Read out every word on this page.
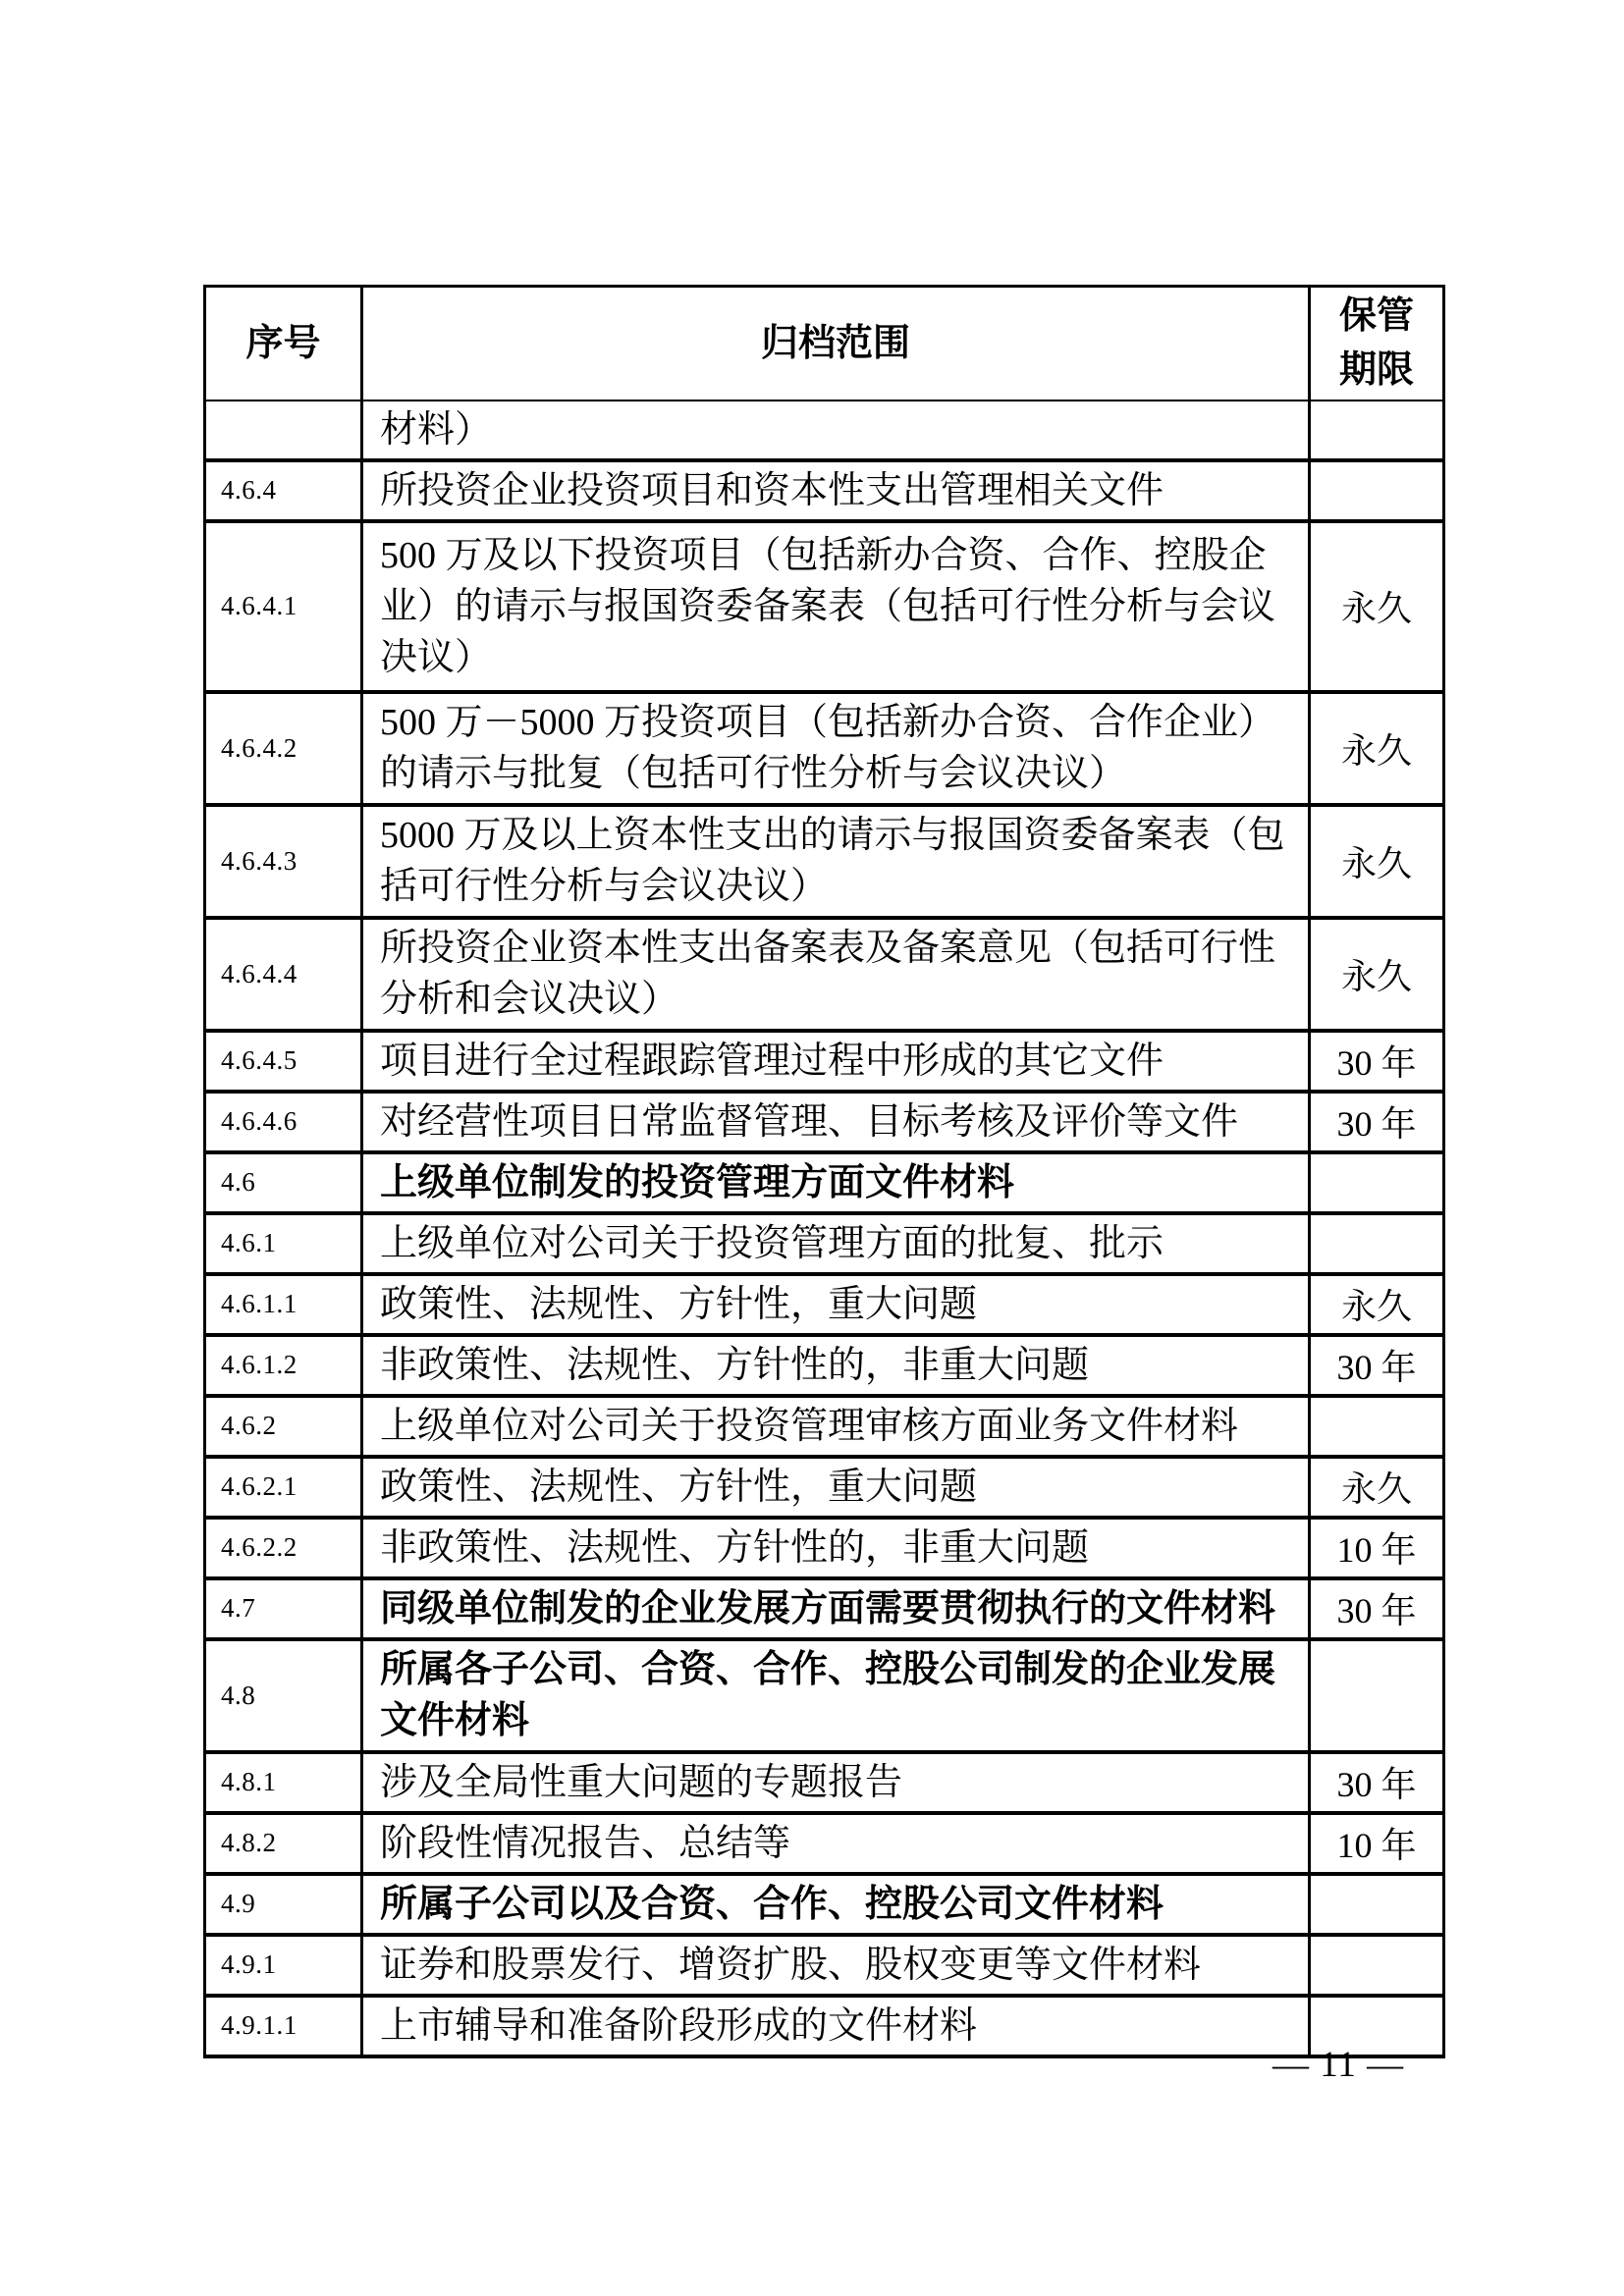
序号	归档范围	保管期限
	材料）	
4.6.4	所投资企业投资项目和资本性支出管理相关文件	
4.6.4.1	500 万及以下投资项目（包括新办合资、合作、控股企业）的请示与报国资委备案表（包括可行性分析与会议决议）	永久
4.6.4.2	500 万－5000 万投资项目（包括新办合资、合作企业）的请示与批复（包括可行性分析与会议决议）	永久
4.6.4.3	5000 万及以上资本性支出的请示与报国资委备案表（包括可行性分析与会议决议）	永久
4.6.4.4	所投资企业资本性支出备案表及备案意见（包括可行性分析和会议决议）	永久
4.6.4.5	项目进行全过程跟踪管理过程中形成的其它文件	30 年
4.6.4.6	对经营性项目日常监督管理、目标考核及评价等文件	30 年
4.6	上级单位制发的投资管理方面文件材料	
4.6.1	上级单位对公司关于投资管理方面的批复、批示	
4.6.1.1	政策性、法规性、方针性，重大问题	永久
4.6.1.2	非政策性、法规性、方针性的，非重大问题	30 年
4.6.2	上级单位对公司关于投资管理审核方面业务文件材料	
4.6.2.1	政策性、法规性、方针性，重大问题	永久
4.6.2.2	非政策性、法规性、方针性的，非重大问题	10 年
4.7	同级单位制发的企业发展方面需要贯彻执行的文件材料	30 年
4.8	所属各子公司、合资、合作、控股公司制发的企业发展文件材料	
4.8.1	涉及全局性重大问题的专题报告	30 年
4.8.2	阶段性情况报告、总结等	10 年
4.9	所属子公司以及合资、合作、控股公司文件材料	
4.9.1	证券和股票发行、增资扩股、股权变更等文件材料	
4.9.1.1	上市辅导和准备阶段形成的文件材料	
— 11 —
